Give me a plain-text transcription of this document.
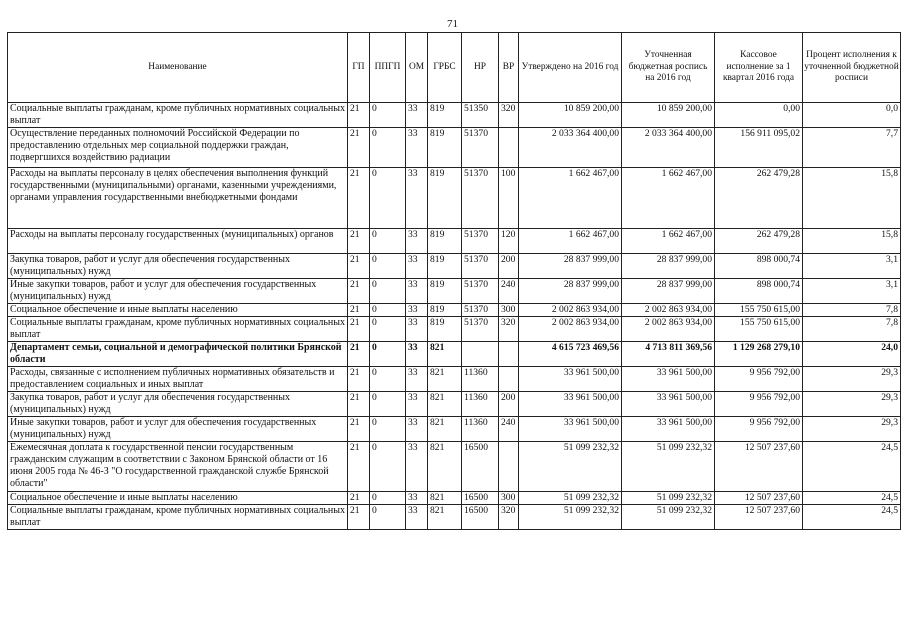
71
Наименование	ГП	ППГП	ОМ	ГРБС	НР	ВР	Утверждено на 2016 год	Уточненная бюджетная роспись на 2016 год	Кассовое исполнение за 1 квартал 2016 года	Процент исполнения к уточненной бюджетной росписи
Социальные выплаты гражданам, кроме публичных нормативных социальных выплат	21	0	33	819	51350	320	10 859 200,00	10 859 200,00	0,00	0,0
Осуществление переданных полномочий Российской Федерации по предоставлению отдельных мер социальной поддержки граждан, подвергшихся воздействию радиации	21	0	33	819	51370		2 033 364 400,00	2 033 364 400,00	156 911 095,02	7,7
Расходы на выплаты персоналу в целях обеспечения выполнения функций государственными (муниципальными) органами, казенными учреждениями, органами управления государственными внебюджетными фондами	21	0	33	819	51370	100	1 662 467,00	1 662 467,00	262 479,28	15,8
Расходы на выплаты персоналу государственных (муниципальных) органов	21	0	33	819	51370	120	1 662 467,00	1 662 467,00	262 479,28	15,8
Закупка товаров, работ и услуг для обеспечения государственных (муниципальных) нужд	21	0	33	819	51370	200	28 837 999,00	28 837 999,00	898 000,74	3,1
Иные закупки товаров, работ и услуг для обеспечения государственных (муниципальных) нужд	21	0	33	819	51370	240	28 837 999,00	28 837 999,00	898 000,74	3,1
Социальное обеспечение и иные выплаты населению	21	0	33	819	51370	300	2 002 863 934,00	2 002 863 934,00	155 750 615,00	7,8
Социальные выплаты гражданам, кроме публичных нормативных социальных выплат	21	0	33	819	51370	320	2 002 863 934,00	2 002 863 934,00	155 750 615,00	7,8
Департамент семьи, социальной и демографической политики Брянской области	21	0	33	821			4 615 723 469,56	4 713 811 369,56	1 129 268 279,10	24,0
Расходы, связанные с исполнением публичных нормативных обязательств и предоставлением социальных и иных выплат	21	0	33	821	11360		33 961 500,00	33 961 500,00	9 956 792,00	29,3
Закупка товаров, работ и услуг для обеспечения государственных (муниципальных) нужд	21	0	33	821	11360	200	33 961 500,00	33 961 500,00	9 956 792,00	29,3
Иные закупки товаров, работ и услуг для обеспечения государственных (муниципальных) нужд	21	0	33	821	11360	240	33 961 500,00	33 961 500,00	9 956 792,00	29,3
Ежемесячная доплата к государственной пенсии государственным гражданским служащим в соответствии с Законом Брянской области от 16 июня 2005 года № 46-З "О государственной гражданской службе Брянской области"	21	0	33	821	16500		51 099 232,32	51 099 232,32	12 507 237,60	24,5
Социальное обеспечение и иные выплаты населению	21	0	33	821	16500	300	51 099 232,32	51 099 232,32	12 507 237,60	24,5
Социальные выплаты гражданам, кроме публичных нормативных социальных выплат	21	0	33	821	16500	320	51 099 232,32	51 099 232,32	12 507 237,60	24,5
